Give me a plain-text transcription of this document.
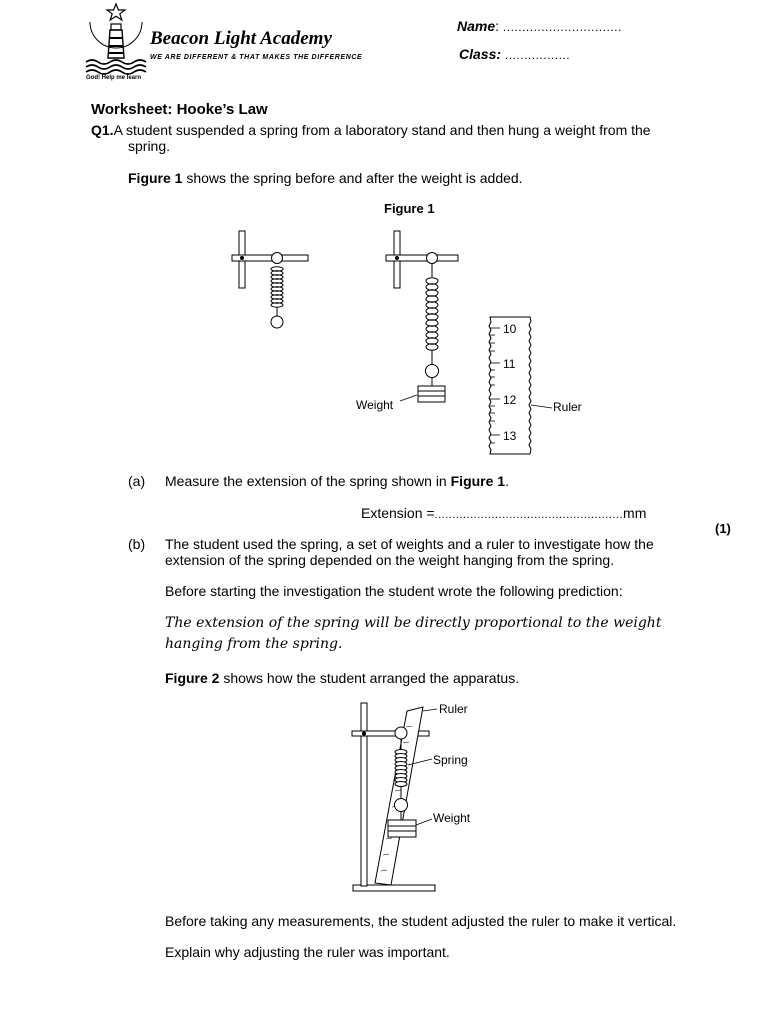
Beacon Light Academy
WE ARE DIFFERENT & THAT MAKES THE DIFFERENCE
God! Help me learn
Name: ...............................
Class: .................
Worksheet: Hooke’s Law
Q1.A student suspended a spring from a laboratory stand and then hung a weight from the
spring.
Figure 1 shows the spring before and after the weight is added.
Figure 1
10
11
12
13
Weight	Ruler
(a) Measure the extension of the spring shown in Figure 1.
Extension =.....................................................mm
(1)
(b) The student used the spring, a set of weights and a ruler to investigate how the
extension of the spring depended on the weight hanging from the spring.
Before starting the investigation the student wrote the following prediction:
The extension of the spring will be directly proportional to the weight
hanging from the spring.
Figure 2 shows how the student arranged the apparatus.
Ruler
Spring
Weight
Before taking any measurements, the student adjusted the ruler to make it vertical.
Explain why adjusting the ruler was important.
